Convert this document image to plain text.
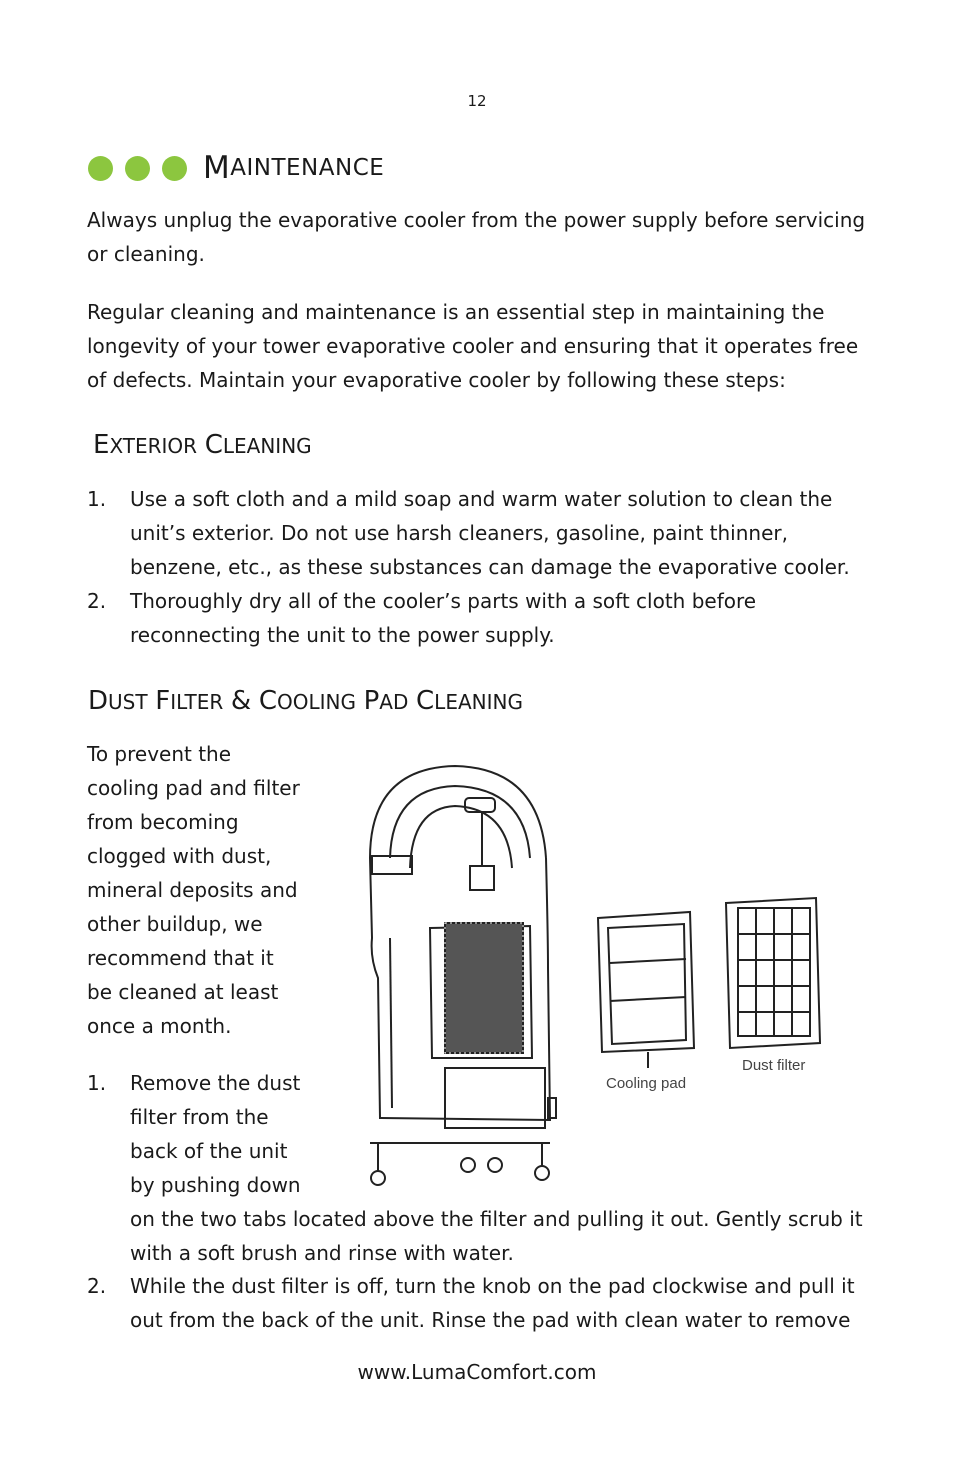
12
M AINTENANCE

Always unplug the evaporative cooler from the power supply before servicing or cleaning.

Regular cleaning and maintenance is an essential step in maintaining the longevity of your tower evaporative cooler and ensuring that it operates free of defects. Maintain your evaporative cooler by following these steps:

EXTERIOR CLEANING
1. Use a soft cloth and a mild soap and warm water solution to clean the unit’s exterior. Do not use harsh cleaners, gasoline, paint thinner, benzene, etc., as these substances can damage the evaporative cooler.
2. Thoroughly dry all of the cooler’s parts with a soft cloth before reconnecting the unit to the power supply.
DUST FILTER & COOLING PAD CLEANING
To prevent the
cooling pad and filter
from becoming
clogged with dust,
mineral deposits and
other buildup, we
recommend that it
be cleaned at least
once a month.
1. Remove the dust
filter from the
back of the unit
by pushing down
on the two tabs located above the filter and pulling it out. Gently scrub it
with a soft brush and rinse with water.
2. While the dust filter is off, turn the knob on the pad clockwise and pull it
out from the back of the unit. Rinse the pad with clean water to remove
Cooling pad
Dust filter
www.LumaComfort.com
